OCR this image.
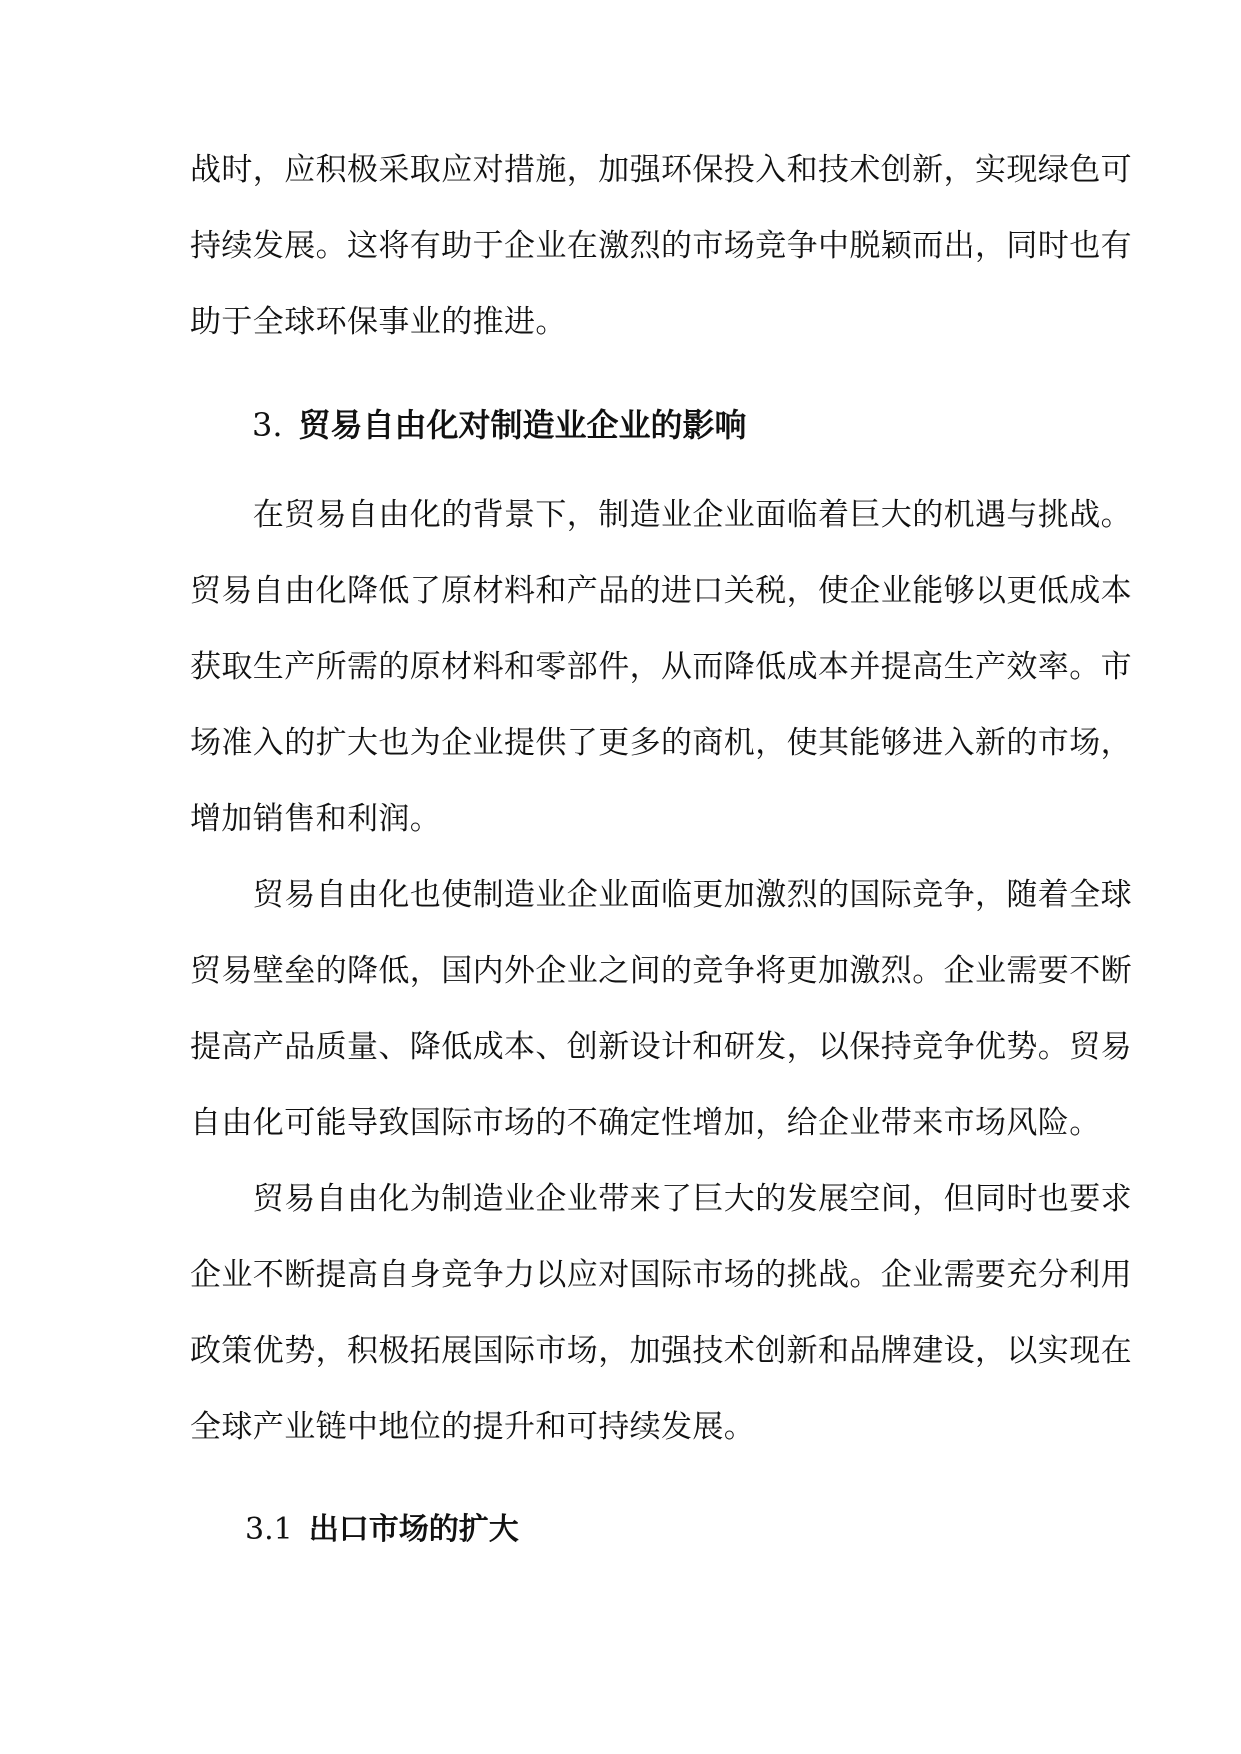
战时，应积极采取应对措施，加强环保投入和技术创新，实现绿色可
持续发展。这将有助于企业在激烈的市场竞争中脱颖而出，同时也有
助于全球环保事业的推进。
3. 贸易自由化对制造业企业的影响
　　在贸易自由化的背景下，制造业企业面临着巨大的机遇与挑战。
贸易自由化降低了原材料和产品的进口关税，使企业能够以更低成本
获取生产所需的原材料和零部件，从而降低成本并提高生产效率。市
场准入的扩大也为企业提供了更多的商机，使其能够进入新的市场，
增加销售和利润。
　　贸易自由化也使制造业企业面临更加激烈的国际竞争，随着全球
贸易壁垒的降低，国内外企业之间的竞争将更加激烈。企业需要不断
提高产品质量、降低成本、创新设计和研发，以保持竞争优势。贸易
自由化可能导致国际市场的不确定性增加，给企业带来市场风险。
　　贸易自由化为制造业企业带来了巨大的发展空间，但同时也要求
企业不断提高自身竞争力以应对国际市场的挑战。企业需要充分利用
政策优势，积极拓展国际市场，加强技术创新和品牌建设，以实现在
全球产业链中地位的提升和可持续发展。
3.1 出口市场的扩大
